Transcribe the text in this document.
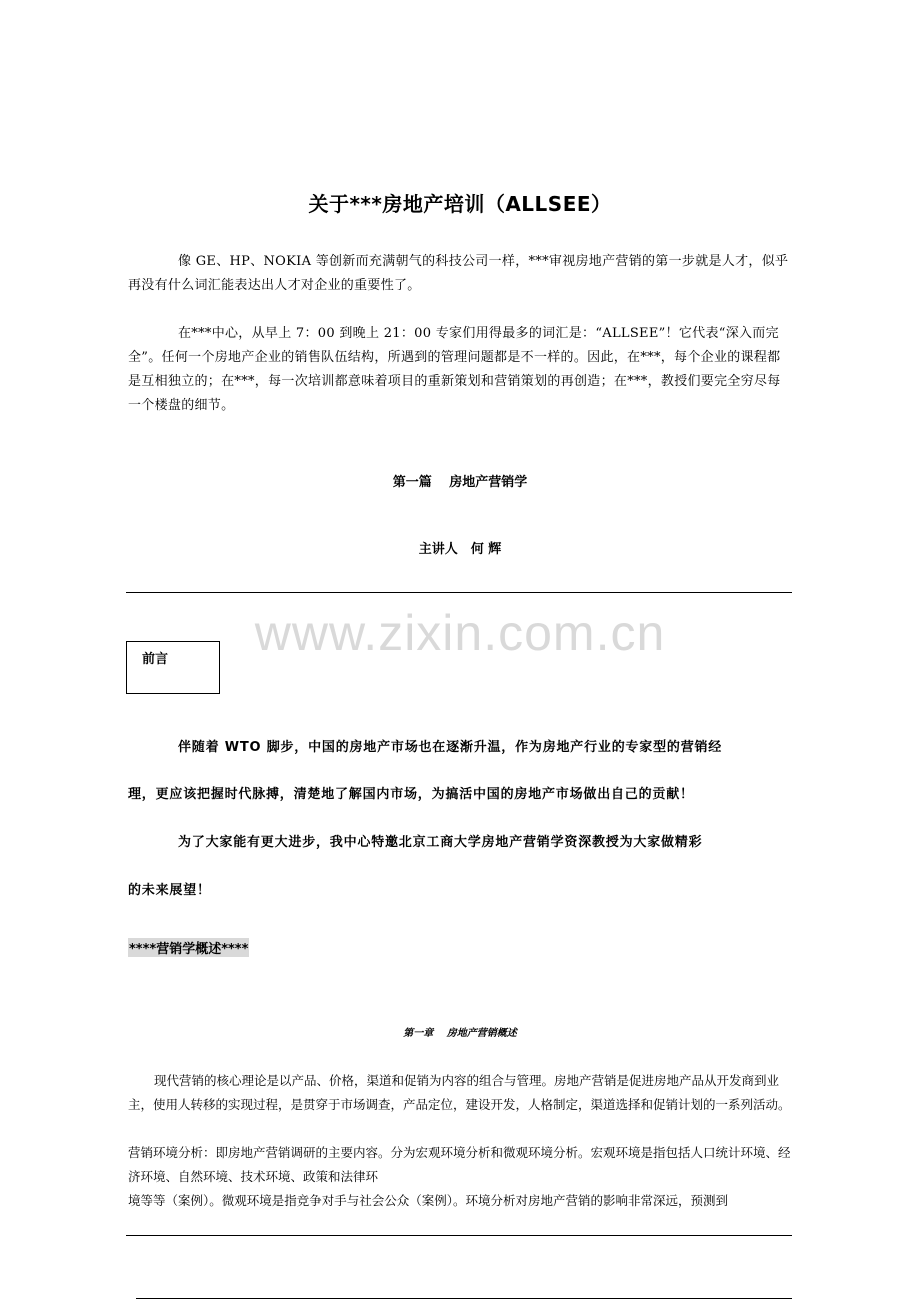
关于***房地产培训（ALLSEE）
像 GE、HP、NOKIA 等创新而充满朝气的科技公司一样，***审视房地产营销的第一步就是人才，似乎再没有什么词汇能表达出人才对企业的重要性了。
在***中心，从早上 7：00 到晚上 21：00 专家们用得最多的词汇是：“ALLSEE”！它代表“深入而完全”。任何一个房地产企业的销售队伍结构，所遇到的管理问题都是不一样的。因此，在***，每个企业的课程都是互相独立的；在***，每一次培训都意味着项目的重新策划和营销策划的再创造；在***，教授们要完全穷尽每一个楼盘的细节。
第一篇　 房地产营销学
主讲人　何 辉
www.zixin.com.cn
前言
伴随着 WTO 脚步，中国的房地产市场也在逐渐升温，作为房地产行业的专家型的营销经
理，更应该把握时代脉搏，清楚地了解国内市场，为搞活中国的房地产市场做出自己的贡献！
为了大家能有更大进步，我中心特邀北京工商大学房地产营销学资深教授为大家做精彩
的未来展望！
****营销学概述****
第一章　 房地产营销概述
现代营销的核心理论是以产品、价格，渠道和促销为内容的组合与管理。房地产营销是促进房地产品从开发商到业主，使用人转移的实现过程，是贯穿于市场调查，产品定位，建设开发，人格制定，渠道选择和促销计划的一系列活动。
营销环境分析：即房地产营销调研的主要内容。分为宏观环境分析和微观环境分析。宏观环境是指包括人口统计环境、经济环境、自然环境、技术环境、政策和法律环
境等等（案例）。微观环境是指竞争对手与社会公众（案例）。环境分析对房地产营销的影响非常深远，预测到
